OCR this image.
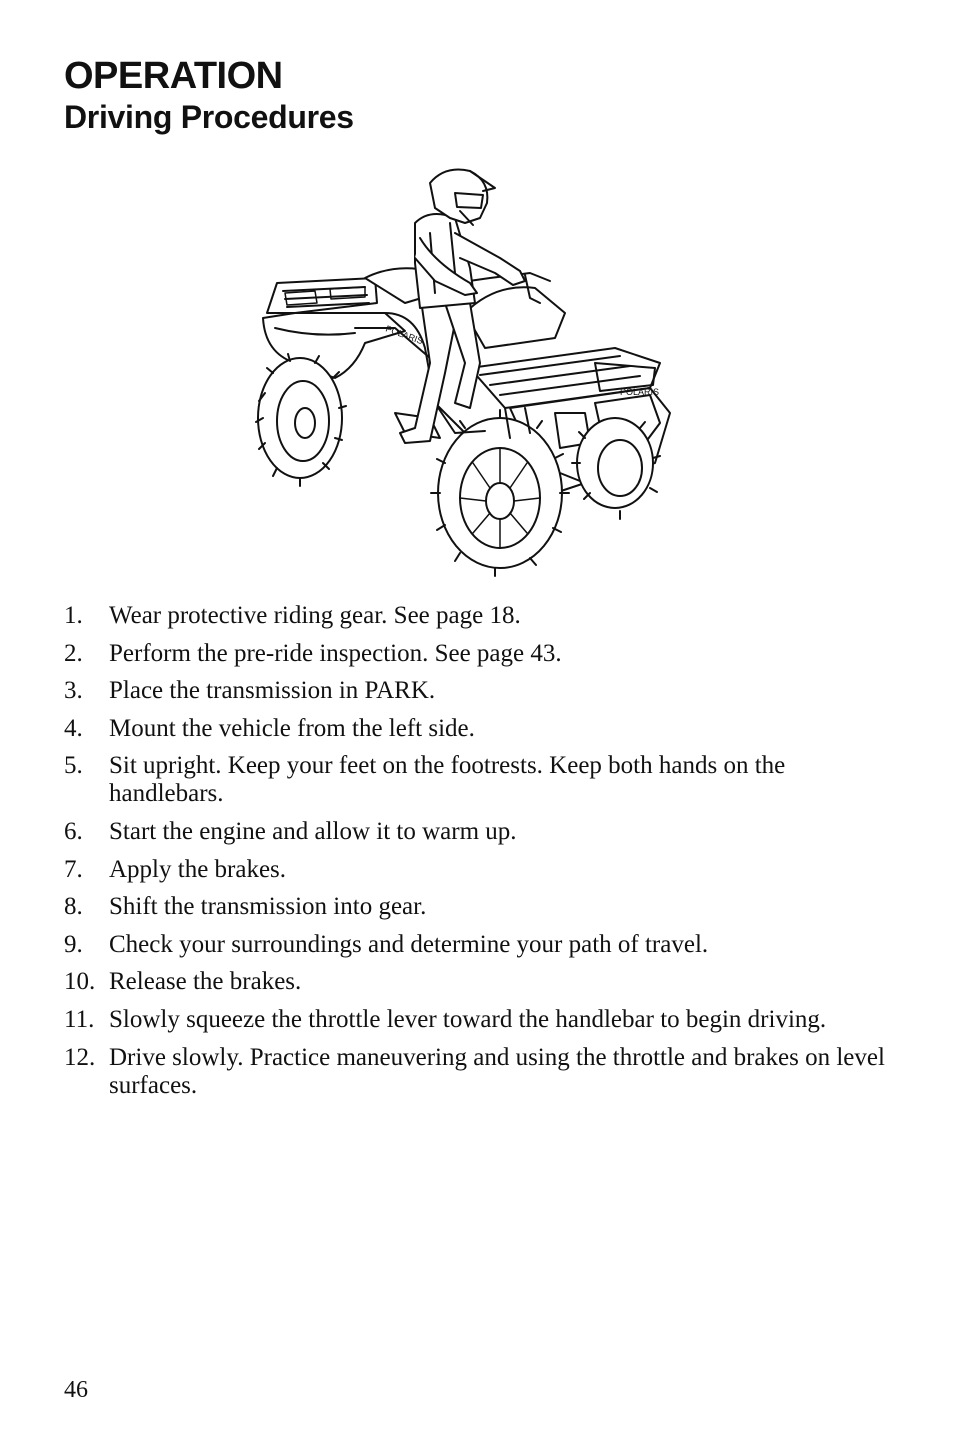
OPERATION
Driving Procedures
POLARIS
POLARIS
1. Wear protective riding gear. See page 18.
2. Perform the pre-ride inspection. See page 43.
3. Place the transmission in PARK.
4. Mount the vehicle from the left side.
5. Sit upright. Keep your feet on the footrests. Keep both hands on the handlebars.
6. Start the engine and allow it to warm up.
7. Apply the brakes.
8. Shift the transmission into gear.
9. Check your surroundings and determine your path of travel.
10. Release the brakes.
11. Slowly squeeze the throttle lever toward the handlebar to begin driving.
12. Drive slowly. Practice maneuvering and using the throttle and brakes on level surfaces.
46
